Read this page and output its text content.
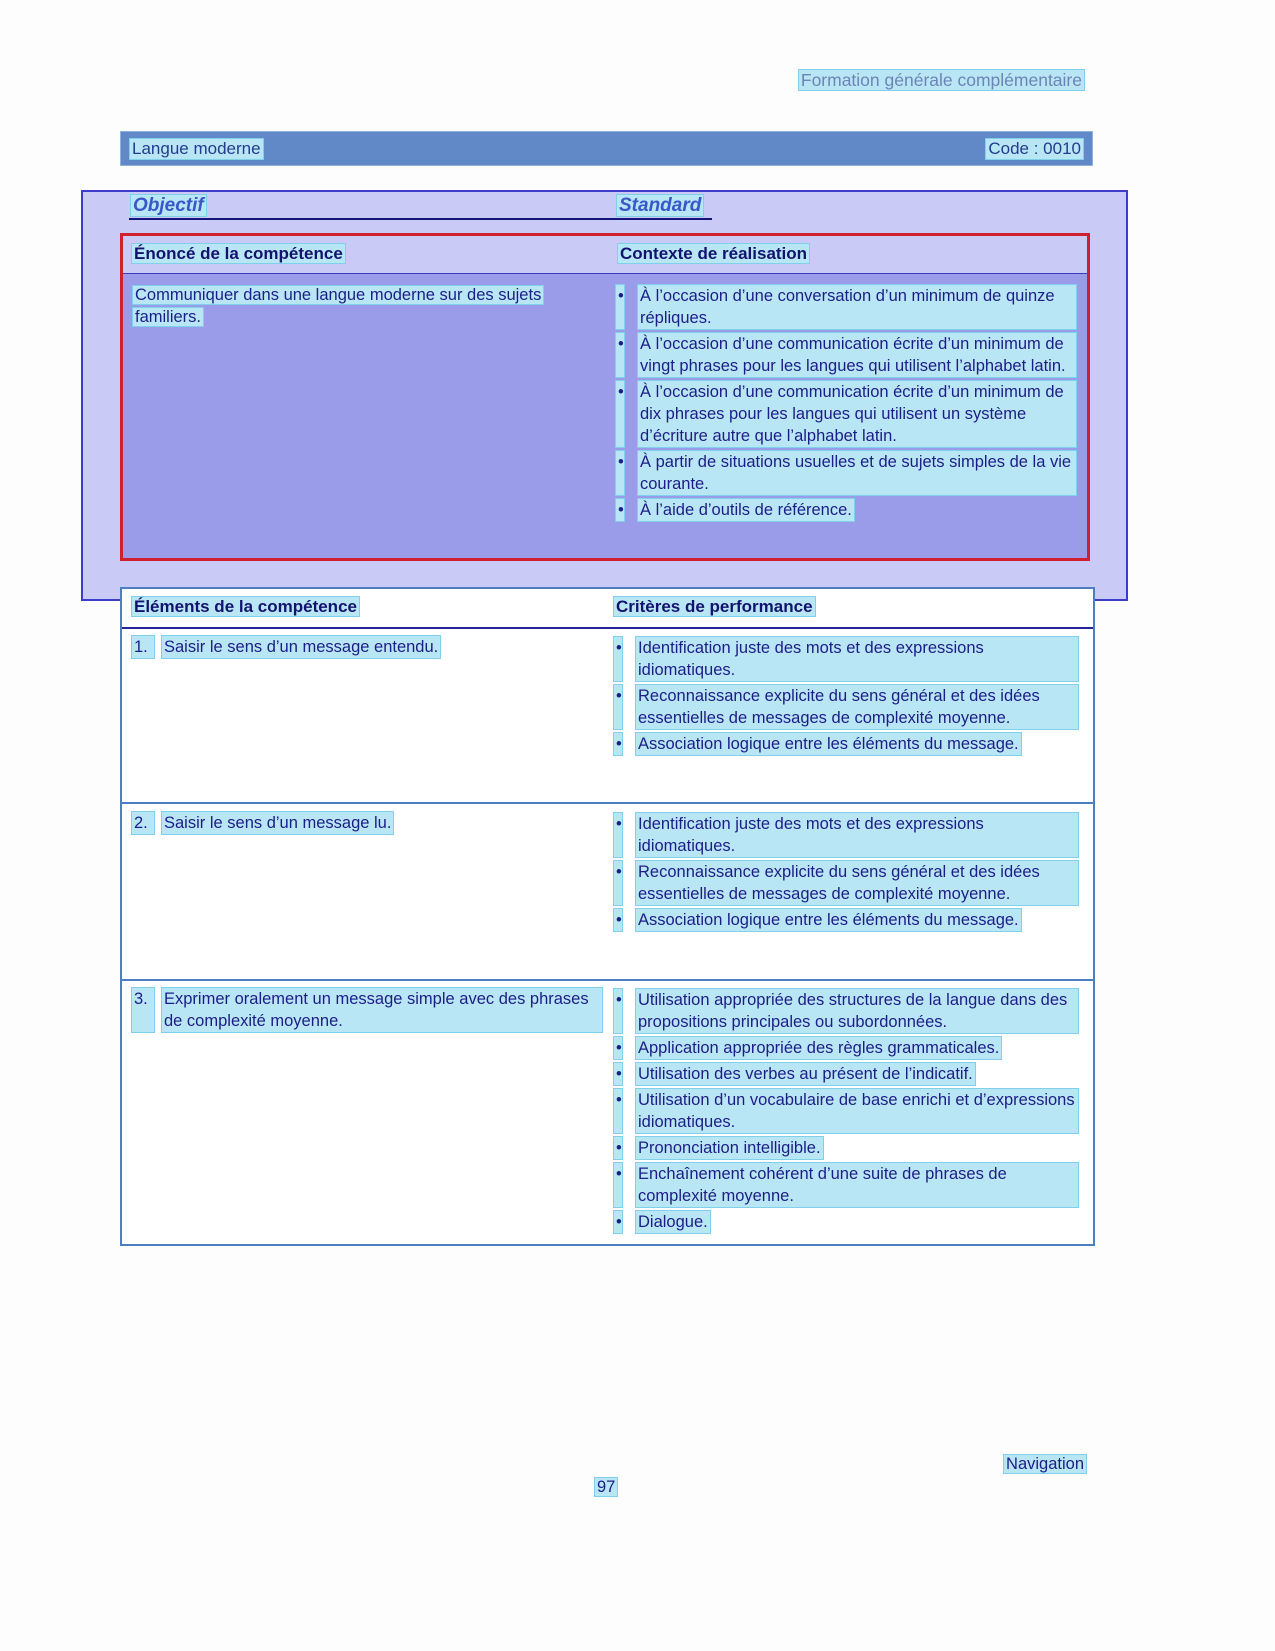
Formation générale complémentaire
Langue moderne	Code : 0010
Objectif	Standard
Énoncé de la compétence	Contexte de réalisation
Communiquer dans une langue moderne sur des sujets familiers.
• À l’occasion d’une conversation d’un minimum de quinze répliques.
• À l’occasion d’une communication écrite d’un minimum de vingt phrases pour les langues qui utilisent l’alphabet latin.
• À l’occasion d’une communication écrite d’un minimum de dix phrases pour les langues qui utilisent un système d’écriture autre que l’alphabet latin.
• À partir de situations usuelles et de sujets simples de la vie courante.
• À l’aide d’outils de référence.
Éléments de la compétence	Critères de performance
1. Saisir le sens d’un message entendu.	• Identification juste des mots et des expressions idiomatiques.
• Reconnaissance explicite du sens général et des idées essentielles de messages de complexité moyenne.
• Association logique entre les éléments du message.
2. Saisir le sens d’un message lu.	• Identification juste des mots et des expressions idiomatiques.
• Reconnaissance explicite du sens général et des idées essentielles de messages de complexité moyenne.
• Association logique entre les éléments du message.
3. Exprimer oralement un message simple avec des phrases de complexité moyenne.
• Utilisation appropriée des structures de la langue dans des propositions principales ou subordonnées.
• Application appropriée des règles grammaticales.
• Utilisation des verbes au présent de l’indicatif.
• Utilisation d’un vocabulaire de base enrichi et d’expressions idiomatiques.
• Prononciation intelligible.
• Enchaînement cohérent d’une suite de phrases de complexité moyenne.
• Dialogue.
Navigation
97
